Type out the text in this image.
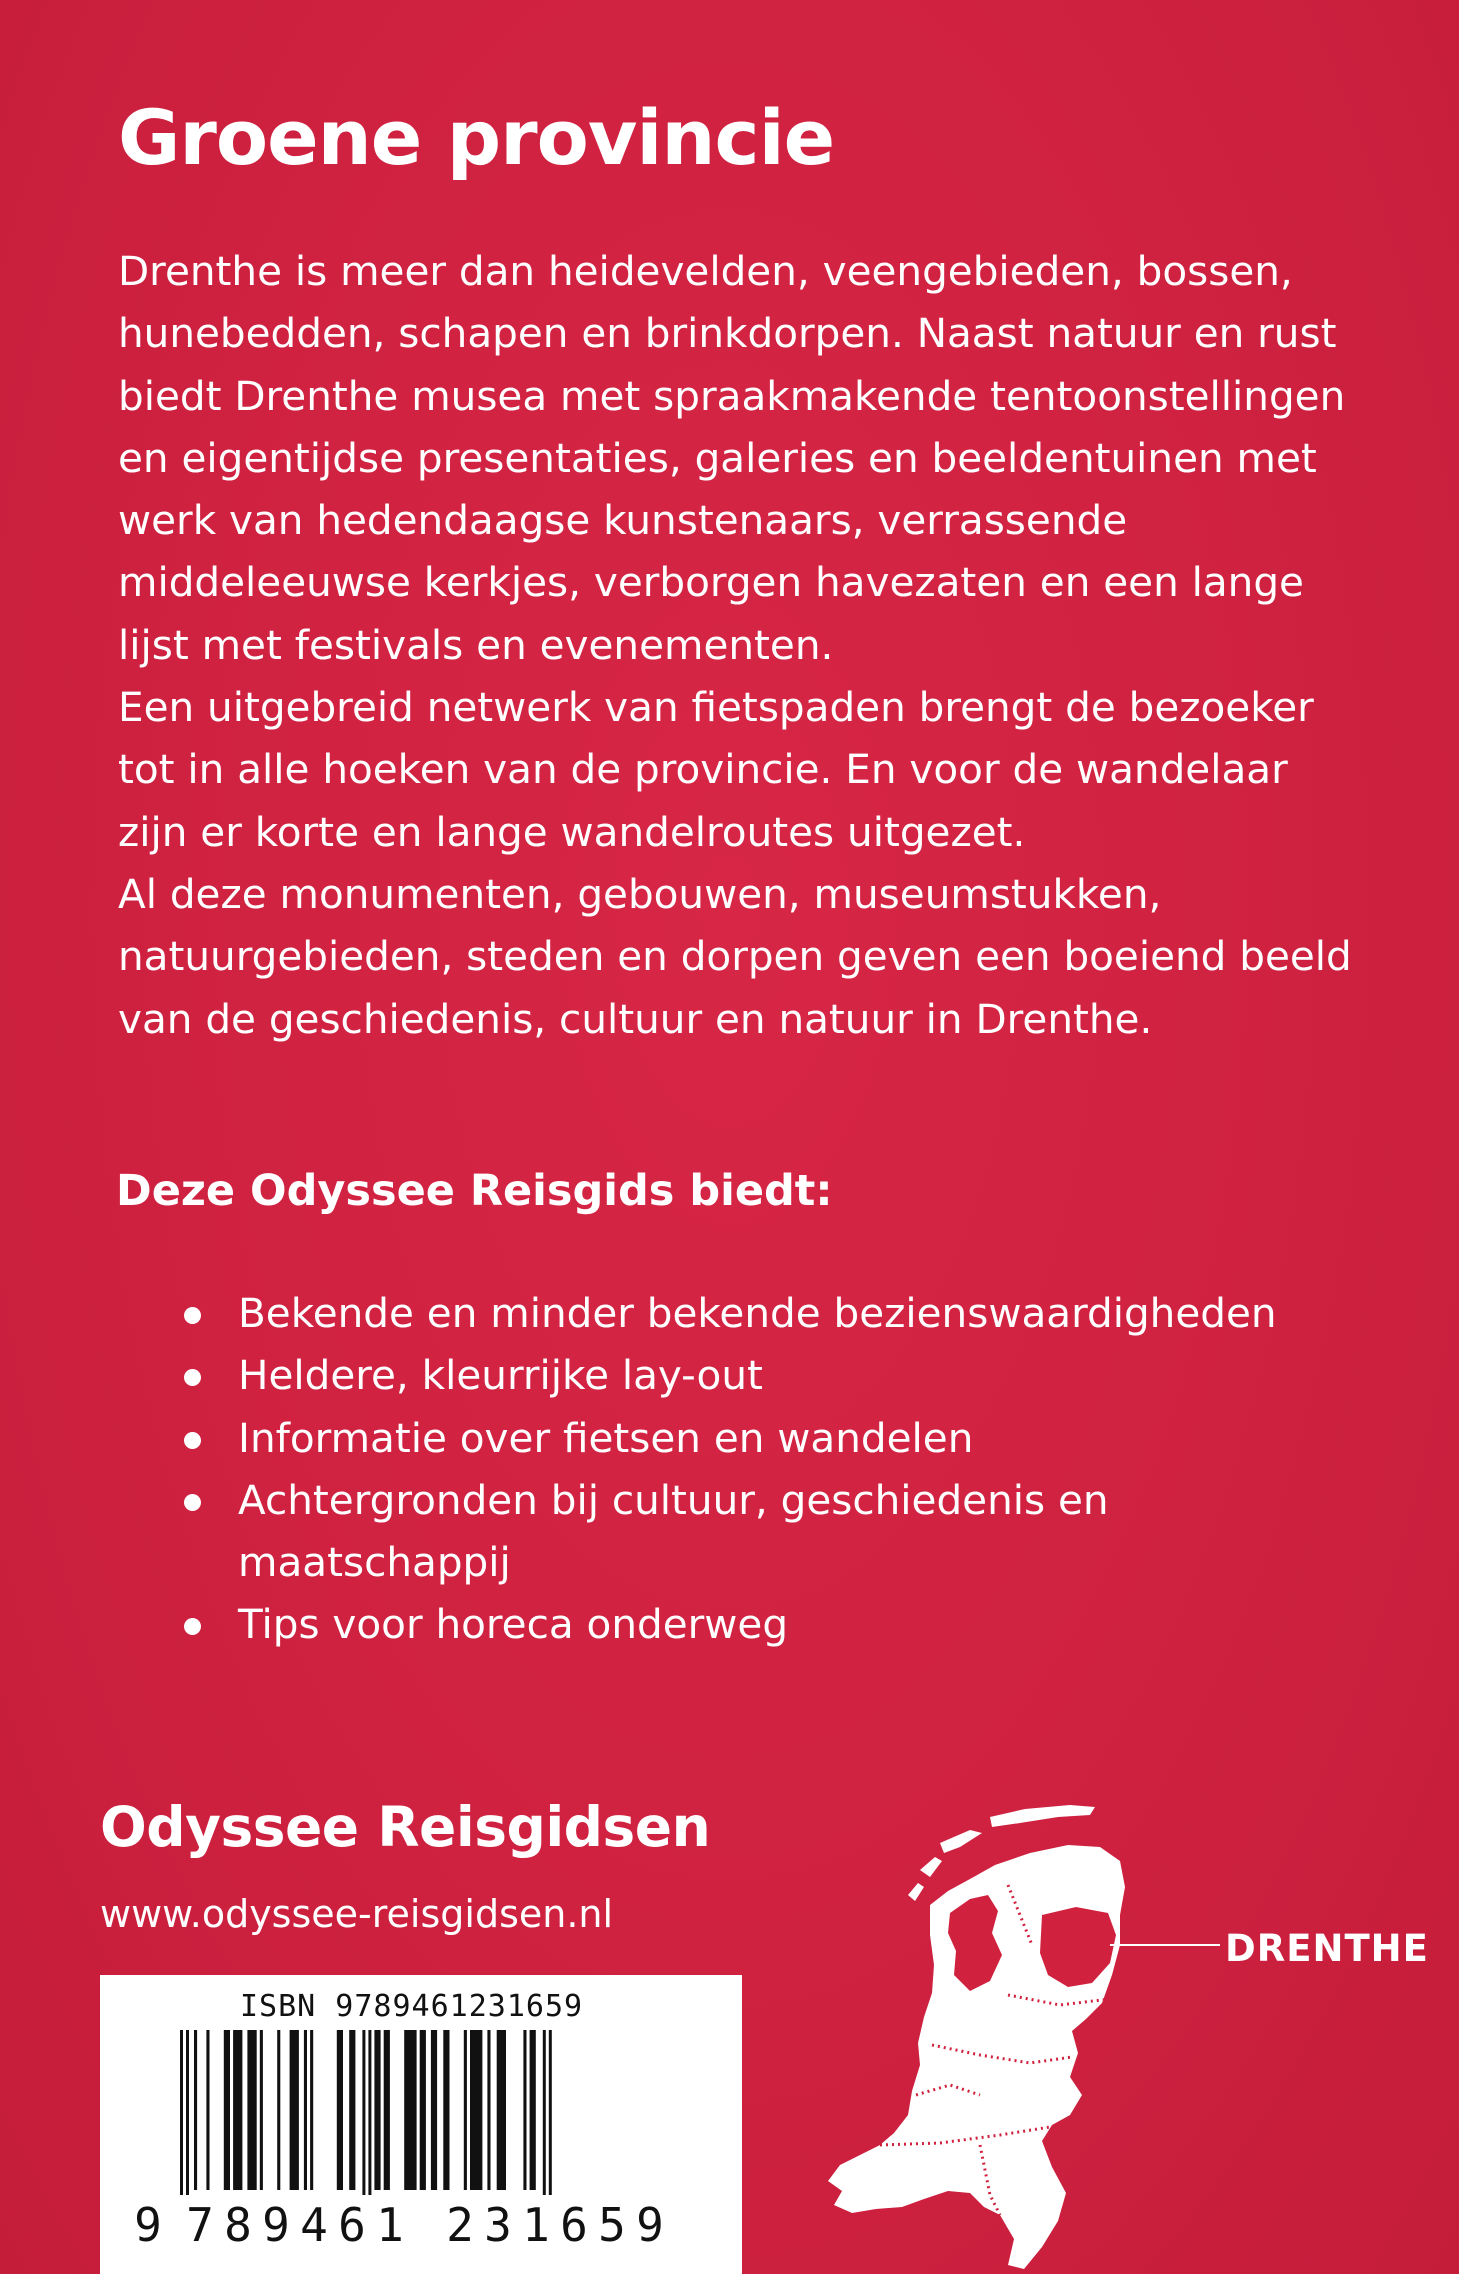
Groene provincie

Drenthe is meer dan heidevelden, veengebieden, bossen, hunebedden, schapen en brinkdorpen. Naast natuur en rust biedt Drenthe musea met spraakmakende tentoonstellingen en eigentijdse presentaties, galeries en beeldentuinen met werk van hedendaagse kunstenaars, verrassende middeleeuwse kerkjes, verborgen havezaten en een lange lijst met festivals en evenementen.

Een uitgebreid netwerk van fietspaden brengt de bezoeker tot in alle hoeken van de provincie. En voor de wandelaar zijn er korte en lange wandelroutes uitgezet.

Al deze monumenten, gebouwen, museumstukken, natuurgebieden, steden en dorpen geven een boeiend beeld van de geschiedenis, cultuur en natuur in Drenthe.

Deze Odyssee Reisgids biedt:
Bekende en minder bekende bezienswaardigheden
Heldere, kleurrijke lay-out
Informatie over fietsen en wandelen
Achtergronden bij cultuur, geschiedenis en maatschappij
Tips voor horeca onderweg
Odyssee Reisgidsen
www.odyssee-reisgidsen.nl
ISBN 9789461231659
9 7 8 9 4 6 1 2 3 1 6 5 9
DRENTHE
